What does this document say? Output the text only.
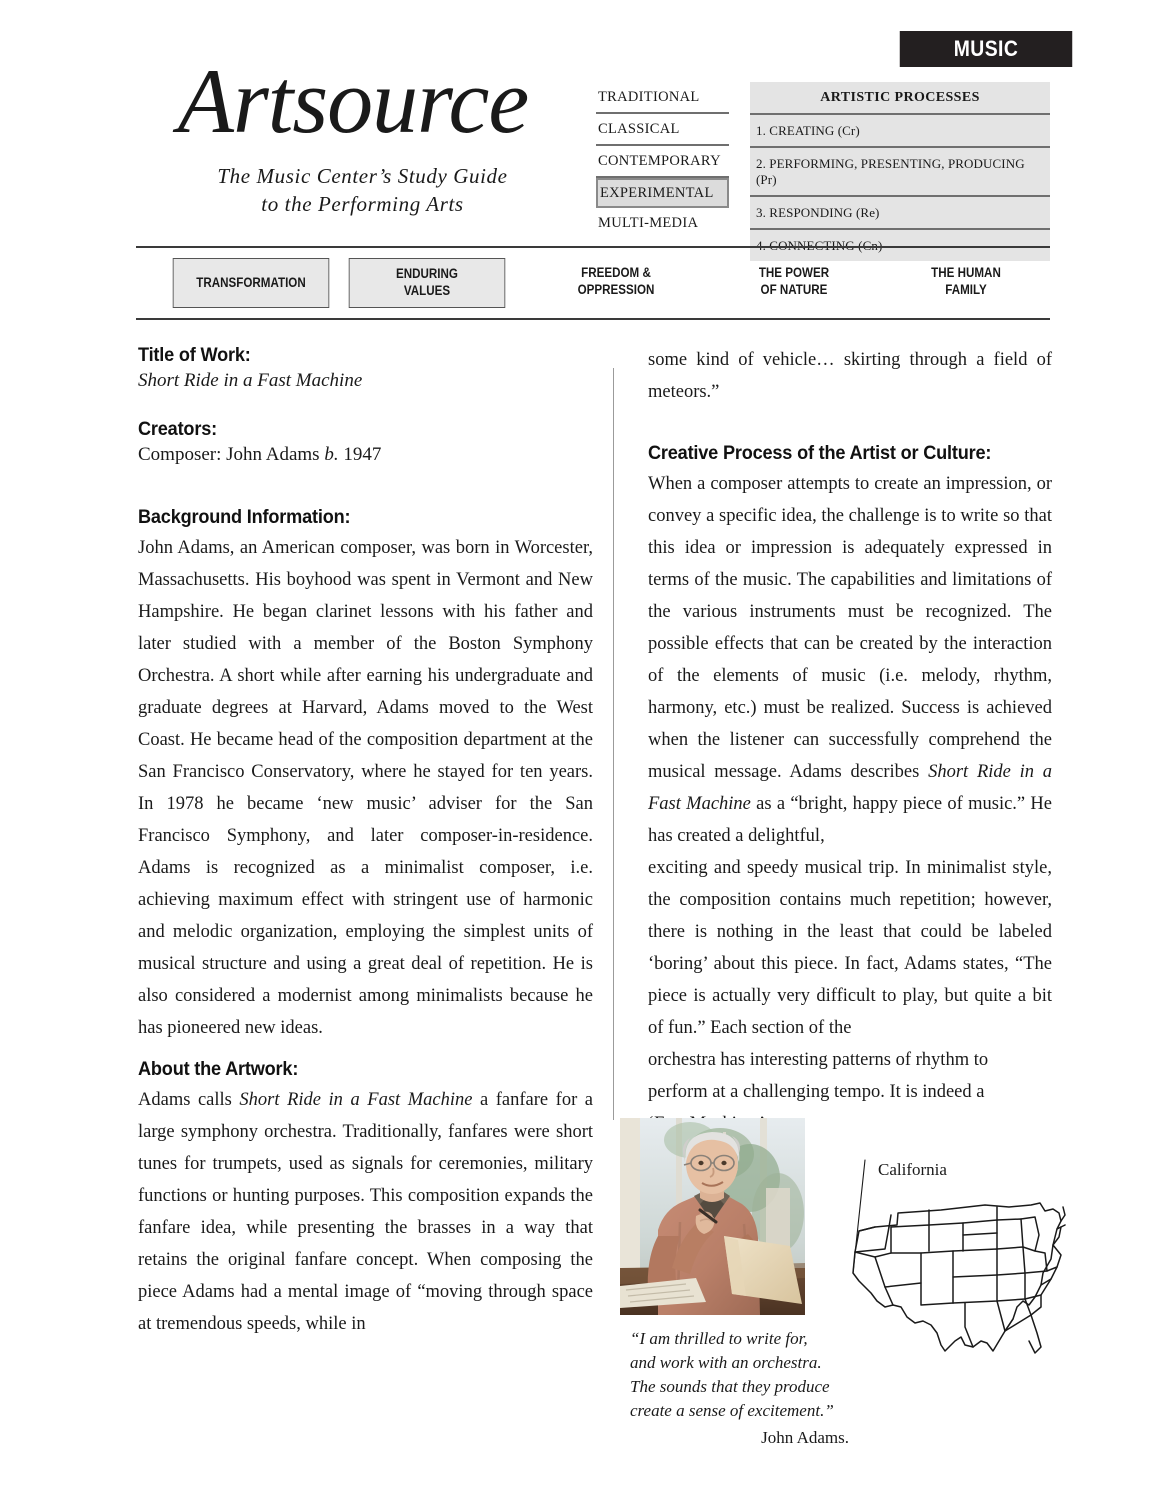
MUSIC
Artsource
The Music Center’s Study Guide
to the Performing Arts
TRADITIONAL
CLASSICAL
CONTEMPORARY
EXPERIMENTAL
MULTI-MEDIA
ARTISTIC PROCESSES
1. CREATING (Cr)
2. PERFORMING, PRESENTING, PRODUCING (Pr)
3. RESPONDING (Re)
4. CONNECTING (Cn)
TRANSFORMATION
ENDURING
VALUES
FREEDOM &
OPPRESSION
THE POWER
OF NATURE
THE HUMAN
FAMILY
Title of Work:

Short Ride in a Fast Machine

Creators:

Composer: John Adams b. 1947

Background Information:

John Adams, an American composer, was born in Worcester, Massachusetts. His boyhood was spent in Vermont and New Hampshire. He began clarinet lessons with his father and later studied with a member of the Boston Symphony Orchestra. A short while after earning his undergraduate and graduate degrees at Harvard, Adams moved to the West Coast. He became head of the composition department at the San Francisco Conservatory, where he stayed for ten years. In 1978 he became ‘new music’ adviser for the San Francisco Symphony, and later composer-in-residence. Adams is recognized as a minimalist composer, i.e. achieving maximum effect with stringent use of harmonic and melodic organization, employing the simplest units of musical structure and using a great deal of repetition. He is also considered a modernist among minimalists because he has pioneered new ideas.

About the Artwork:

Adams calls Short Ride in a Fast Machine a fanfare for a large symphony orchestra. Traditionally, fanfares were short tunes for trumpets, used as signals for ceremonies, military functions or hunting purposes. This composition expands the fanfare idea, while presenting the brasses in a way that retains the original fanfare concept. When composing the piece Adams had a mental image of “moving through space at tremendous speeds, while in

some kind of vehicle… skirting through a field of meteors.”

Creative Process of the Artist or Culture:

When a composer attempts to create an impression, or convey a specific idea, the challenge is to write so that this idea or impression is adequately expressed in terms of the music. The capabilities and limitations of the various instruments must be recognized. The possible effects that can be created by the interaction of the elements of music (i.e. melody, rhythm, harmony, etc.) must be realized. Success is achieved when the listener can successfully comprehend the musical message. Adams describes Short Ride in a Fast Machine as a “bright, happy piece of music.” He has created a delightful,

exciting and speedy musical trip. In minimalist style, the composition contains much repetition; however, there is nothing in the least that could be labeled ‘boring’ about this piece. In fact, Adams states, “The piece is actually very difficult to play, but quite a bit of fun.” Each section of the

orchestra has interesting patterns of rhythm to perform at a challenging tempo. It is indeed a

“I am thrilled to write for,
and work with an orchestra.
The sounds that they produce
create a sense of excitement.”
John Adams.
California
